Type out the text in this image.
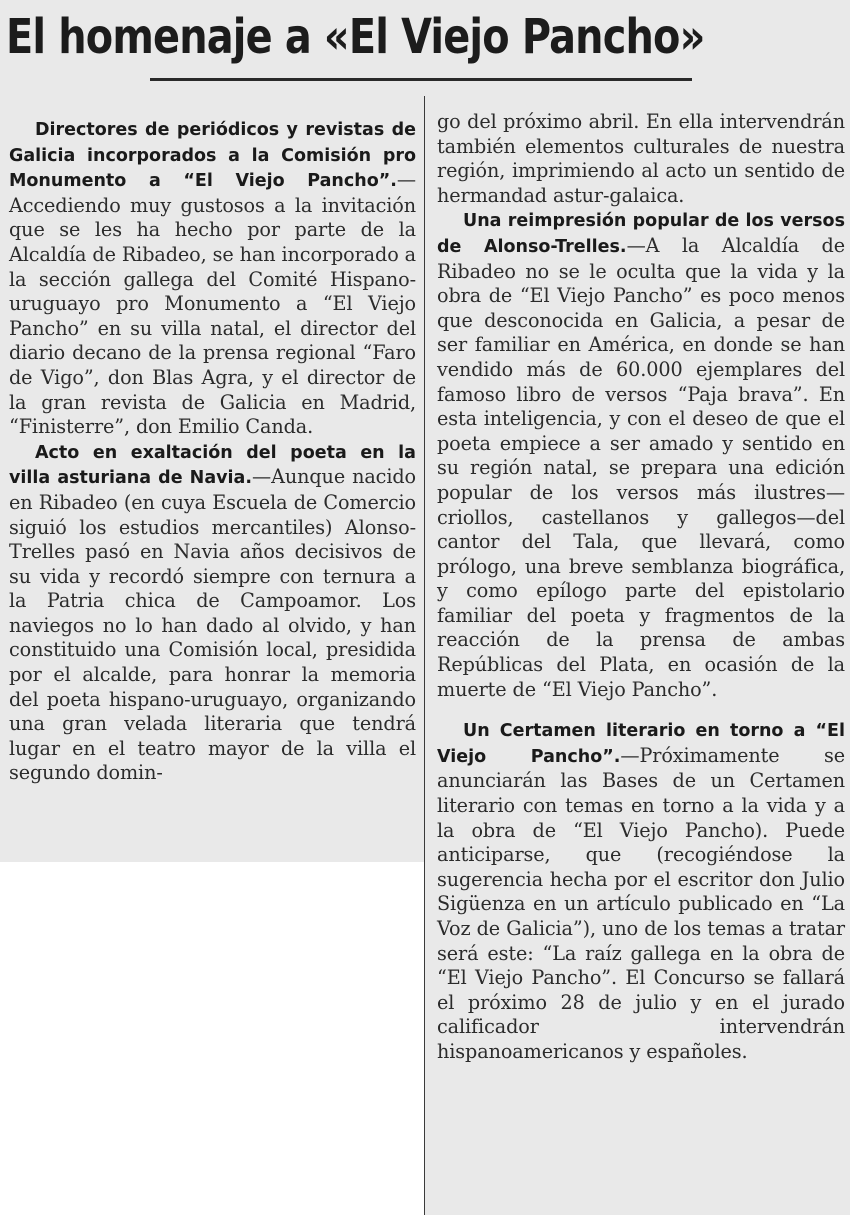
El homenaje a «El Viejo Pancho»

Directores de periódicos y revistas de Galicia incorporados a la Comisión pro Monumento a “El Viejo Pancho”.— Accediendo muy gustosos a la invitación que se les ha hecho por parte de la Alcaldía de Ribadeo, se han incorporado a la sección gallega del Comité Hispano-uruguayo pro Monumento a “El Viejo Pancho” en su villa natal, el director del diario decano de la prensa regional “Faro de Vigo”, don Blas Agra, y el director de la gran revista de Galicia en Madrid, “Finisterre”, don Emilio Canda.

Acto en exaltación del poeta en la villa asturiana de Navia.—Aunque nacido en Ribadeo (en cuya Escuela de Comercio siguió los estudios mercantiles) Alonso-Trelles pasó en Navia años decisivos de su vida y recordó siempre con ternura a la Patria chica de Campoamor. Los naviegos no lo han dado al olvido, y han constituido una Comisión local, presidida por el alcalde, para honrar la memoria del poeta hispano-uruguayo, organizando una gran velada literaria que tendrá lugar en el teatro mayor de la villa el segundo domin-

go del próximo abril. En ella intervendrán también elementos culturales de nuestra región, imprimiendo al acto un sentido de hermandad astur-galaica.

Una reimpresión popular de los versos de Alonso-Trelles.—A la Alcaldía de Ribadeo no se le oculta que la vida y la obra de “El Viejo Pancho” es poco menos que desconocida en Galicia, a pesar de ser familiar en América, en donde se han vendido más de 60.000 ejemplares del famoso libro de versos “Paja brava”. En esta inteligencia, y con el deseo de que el poeta empiece a ser amado y sentido en su región natal, se prepara una edición popular de los versos más ilustres—criollos, castellanos y gallegos—del cantor del Tala, que llevará, como prólogo, una breve semblanza biográfica, y como epílogo parte del epistolario familiar del poeta y fragmentos de la reacción de la prensa de ambas Repúblicas del Plata, en ocasión de la muerte de “El Viejo Pancho”.

Un Certamen literario en torno a “El Viejo Pancho”.—Próximamente se anunciarán las Bases de un Certamen literario con temas en torno a la vida y a la obra de “El Viejo Pancho). Puede anticiparse, que (recogiéndose la sugerencia hecha por el escritor don Julio Sigüenza en un artículo publicado en “La Voz de Galicia”), uno de los temas a tratar será este: “La raíz gallega en la obra de “El Viejo Pancho”. El Concurso se fallará el próximo 28 de julio y en el jurado calificador intervendrán hispanoamericanos y españoles.
